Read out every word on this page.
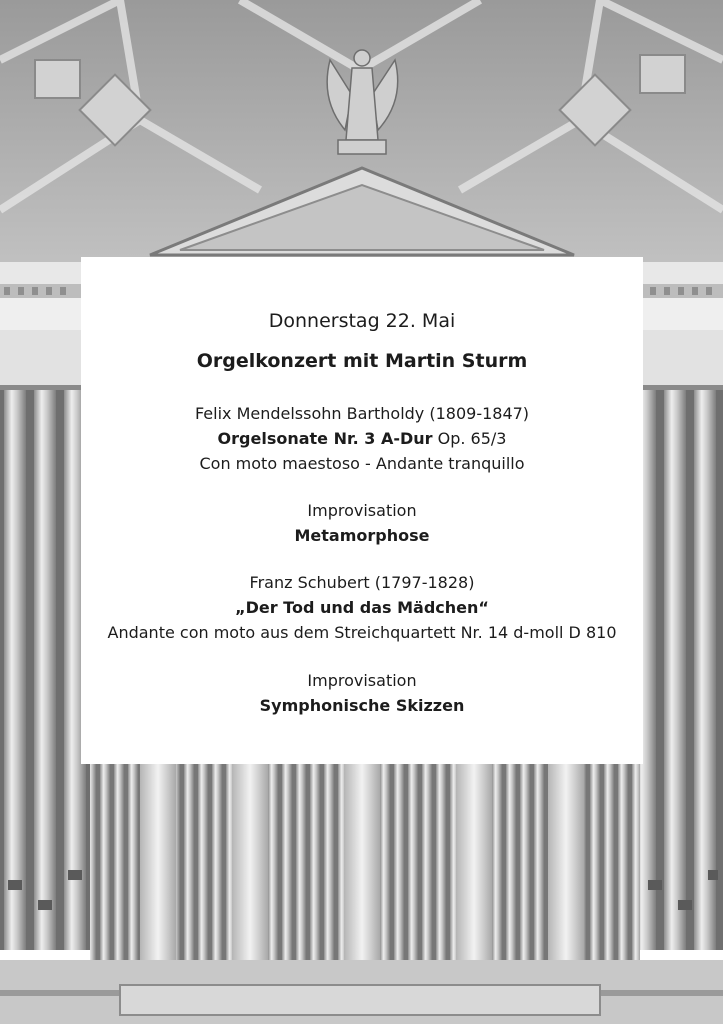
Donnerstag 22. Mai
Orgelkonzert mit Martin Sturm
Felix Mendelssohn Bartholdy (1809-1847)
Orgelsonate Nr. 3 A-Dur Op. 65/3
Con moto maestoso - Andante tranquillo
Improvisation
Metamorphose
Franz Schubert (1797-1828)
„Der Tod und das Mädchen“
Andante con moto aus dem Streichquartett Nr. 14 d-moll D 810
Improvisation
Symphonische Skizzen
